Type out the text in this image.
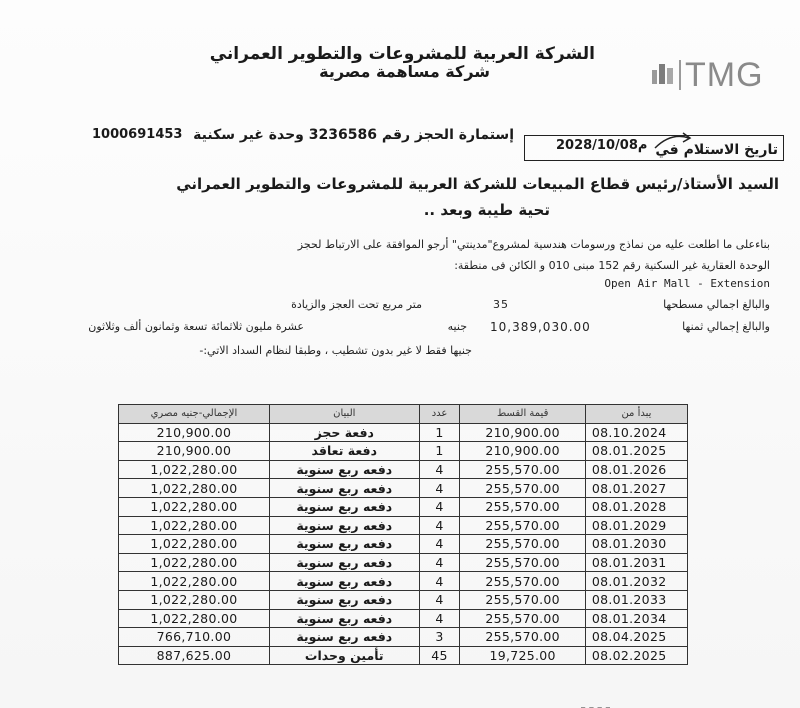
الشركة العربية للمشروعات والتطوير العمراني
شركة مساهمة مصرية	TMG
1000691453 إستمارة الحجز رقم 3236586 وحدة غير سكنية
2028/10/08م تاريخ الاستلام في
السيد الأستاذ/رئيس قطاع المبيعات للشركة العربية للمشروعات والتطوير العمراني
تحية طيبة وبعد ..
بناءعلى ما اطلعت عليه من نماذج ورسومات هندسية لمشروع"مدينتي" أرجو الموافقة على الارتباط لحجز
الوحدة العقارية غير السكنية رقم 152 مبنى 010 و الكائن فى منطقة:
Open Air Mall - Extension
والبالغ اجمالي مسطحها
35
متر مربع تحت العجز والزيادة
والبالغ إجمالي ثمنها
10,389,030.00
جنيه
عشرة مليون ثلاثمائة تسعة وثمانون ألف وثلاثون
جنيها فقط لا غير بدون تشطيب ، وطبقا لنظام السداد الاتي:-
الإجمالي-جنيه مصري	البيان	عدد	قيمة القسط	يبدأ من
210,900.00	دفعة حجز	1	210,900.00	08.10.2024
210,900.00	دفعة تعاقد	1	210,900.00	08.01.2025
1,022,280.00	دفعه ربع سنوية	4	255,570.00	08.01.2026
1,022,280.00	دفعه ربع سنوية	4	255,570.00	08.01.2027
1,022,280.00	دفعه ربع سنوية	4	255,570.00	08.01.2028
1,022,280.00	دفعه ربع سنوية	4	255,570.00	08.01.2029
1,022,280.00	دفعه ربع سنوية	4	255,570.00	08.01.2030
1,022,280.00	دفعه ربع سنوية	4	255,570.00	08.01.2031
1,022,280.00	دفعه ربع سنوية	4	255,570.00	08.01.2032
1,022,280.00	دفعه ربع سنوية	4	255,570.00	08.01.2033
1,022,280.00	دفعه ربع سنوية	4	255,570.00	08.01.2034
766,710.00	دفعه ربع سنوية	3	255,570.00	08.04.2025
887,625.00	تأمين وحدات	45	19,725.00	08.02.2025
ـ ـ ـ ـ
